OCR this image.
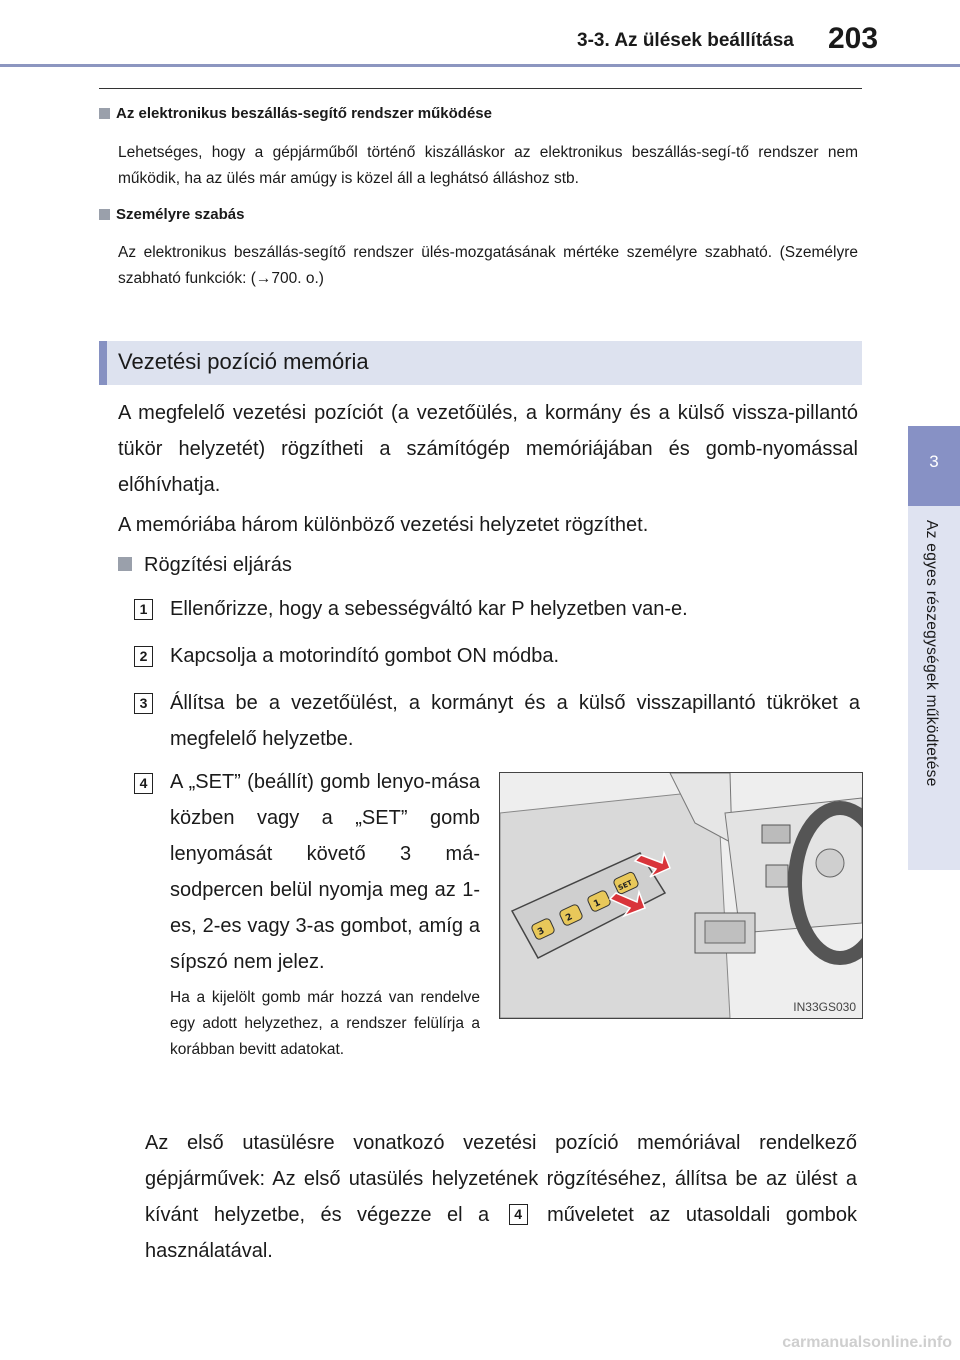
3-3. Az ülések beállítása 203
3
Az egyes részegységek működtetése
Az elektronikus beszállás-segítő rendszer működése
Lehetséges, hogy a gépjárműből történő kiszálláskor az elektronikus beszállás-segí-tő rendszer nem működik, ha az ülés már amúgy is közel áll a leghátsó álláshoz stb.
Személyre szabás
Az elektronikus beszállás-segítő rendszer ülés-mozgatásának mértéke személyre szabható. (Személyre szabható funkciók: (→700. o.)
Vezetési pozíció memória
A megfelelő vezetési pozíciót (a vezetőülés, a kormány és a külső vissza-pillantó tükör helyzetét) rögzítheti a számítógép memóriájában és gomb-nyomással előhívhatja.
A memóriába három különböző vezetési helyzetet rögzíthet.
Rögzítési eljárás
1 Ellenőrizze, hogy a sebességváltó kar P helyzetben van-e.
2 Kapcsolja a motorindító gombot ON módba.
3 Állítsa be a vezetőülést, a kormányt és a külső visszapillantó tükröket a megfelelő helyzetbe.
4 A „SET” (beállít) gomb lenyo-mása közben vagy a „SET” gomb lenyomását követő 3 má-sodpercen belül nyomja meg az 1-es, 2-es vagy 3-as gombot, amíg a sípszó nem jelez.
Ha a kijelölt gomb már hozzá van rendelve egy adott helyzethez, a rendszer felülírja a korábban bevitt adatokat.
3
2
1
SET
IN33GS030
Az első utasülésre vonatkozó vezetési pozíció memóriával rendelkező gépjárművek: Az első utasülés helyzetének rögzítéséhez, állítsa be az ülést a kívánt helyzetbe, és végezze el a 4 műveletet az utasoldali gombok használatával.
carmanualsonline.info
